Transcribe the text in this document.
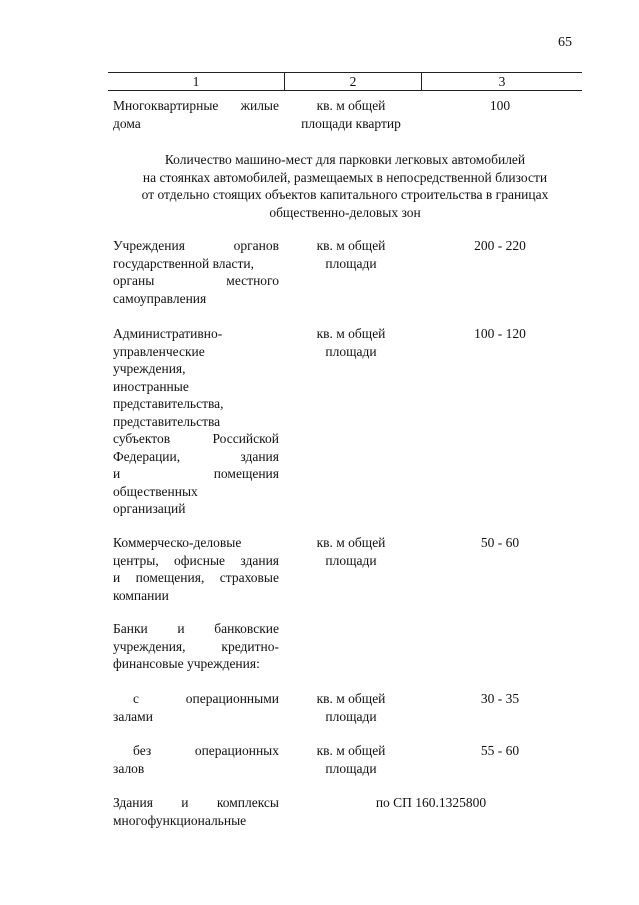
65
1	2	3
Многоквартирные жилые
дома
кв. м общей
площади квартир
100
Количество машино-мест для парковки легковых автомобилей
на стоянках автомобилей, размещаемых в непосредственной близости
от отдельно стоящих объектов капитального строительства в границах
общественно-деловых зон
Учреждения органов
государственной власти,
органы местного
самоуправления
кв. м общей
площади
200 - 220
Административно-
управленческие
учреждения,
иностранные
представительства,
представительства
субъектов Российской
Федерации, здания
и помещения
общественных
организаций
кв. м общей
площади
100 - 120
Коммерческо-деловые
центры, офисные здания
и помещения, страховые
компании
кв. м общей
площади
50 - 60
Банки и банковские
учреждения, кредитно-
финансовые учреждения:
с операционными
залами
кв. м общей
площади
30 - 35
без операционных
залов
кв. м общей
площади
55 - 60
Здания и комплексы
многофункциональные
по СП 160.1325800
